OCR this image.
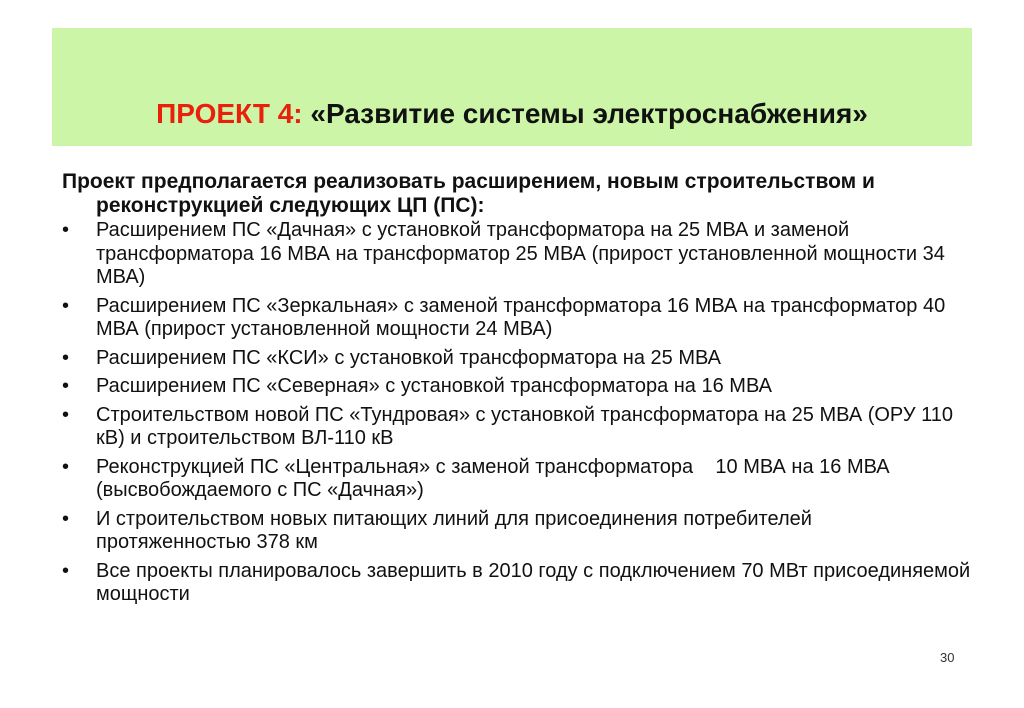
ПРОЕКТ 4: «Развитие системы электроснабжения»

Проект предполагается реализовать расширением, новым строительством и реконструкцией следующих ЦП (ПС):

•	Расширением ПС «Дачная» с установкой трансформатора на 25 МВА и заменой трансформатора 16 МВА на трансформатор 25 МВА (прирост установленной мощности 34 МВА)
•	Расширением ПС «Зеркальная» с заменой трансформатора 16 МВА на трансформатор 40 МВА (прирост установленной мощности 24 МВА)
•	Расширением ПС «КСИ» с установкой трансформатора на 25 МВА
•	Расширением ПС «Северная» с установкой трансформатора на 16 МВА
•	Строительством новой ПС «Тундровая» с установкой трансформатора на 25 МВА (ОРУ 110 кВ) и строительством ВЛ-110 кВ
•	Реконструкцией ПС «Центральная» с заменой трансформатора    10 МВА на 16 МВА (высвобождаемого с ПС «Дачная»)
•	И строительством новых питающих линий для присоединения потребителей протяженностью 378 км
•	Все проекты планировалось завершить в 2010 году с подключением 70 МВт присоединяемой мощности
30
